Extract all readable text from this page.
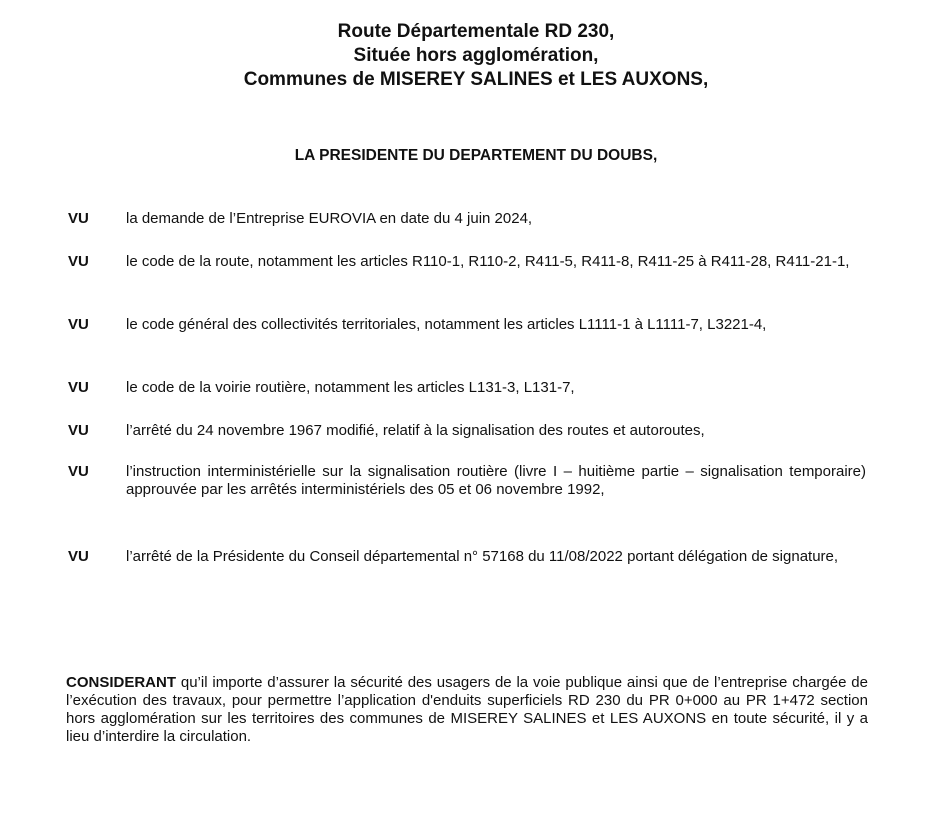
Route Départementale RD 230,
Située hors agglomération,
Communes de MISEREY SALINES et LES AUXONS,
LA PRESIDENTE DU DEPARTEMENT DU DOUBS,
VU	la demande de l’Entreprise EUROVIA en date du 4 juin 2024,
VU	le code de la route, notamment les articles R110-1, R110-2, R411-5, R411-8, R411-25 à R411-28, R411-21-1,
VU	le code général des collectivités territoriales, notamment les articles L1111-1 à L1111-7, L3221-4,
VU	le code de la voirie routière, notamment les articles L131-3, L131-7,
VU	l’arrêté du 24 novembre 1967 modifié, relatif à la signalisation des routes et autoroutes,
VU	l’instruction interministérielle sur la signalisation routière (livre I – huitième partie – signalisation temporaire) approuvée par les arrêtés interministériels des 05 et 06 novembre 1992,
VU	l’arrêté de la Présidente du Conseil départemental n° 57168 du 11/08/2022 portant délégation de signature,
CONSIDERANT qu’il importe d’assurer la sécurité des usagers de la voie publique ainsi que de l’entreprise chargée de l’exécution des travaux, pour permettre l’application d'enduits superficiels RD 230 du PR 0+000 au PR 1+472 section hors agglomération sur les territoires des communes de MISEREY SALINES et LES AUXONS en toute sécurité, il y a lieu d’interdire la circulation.
